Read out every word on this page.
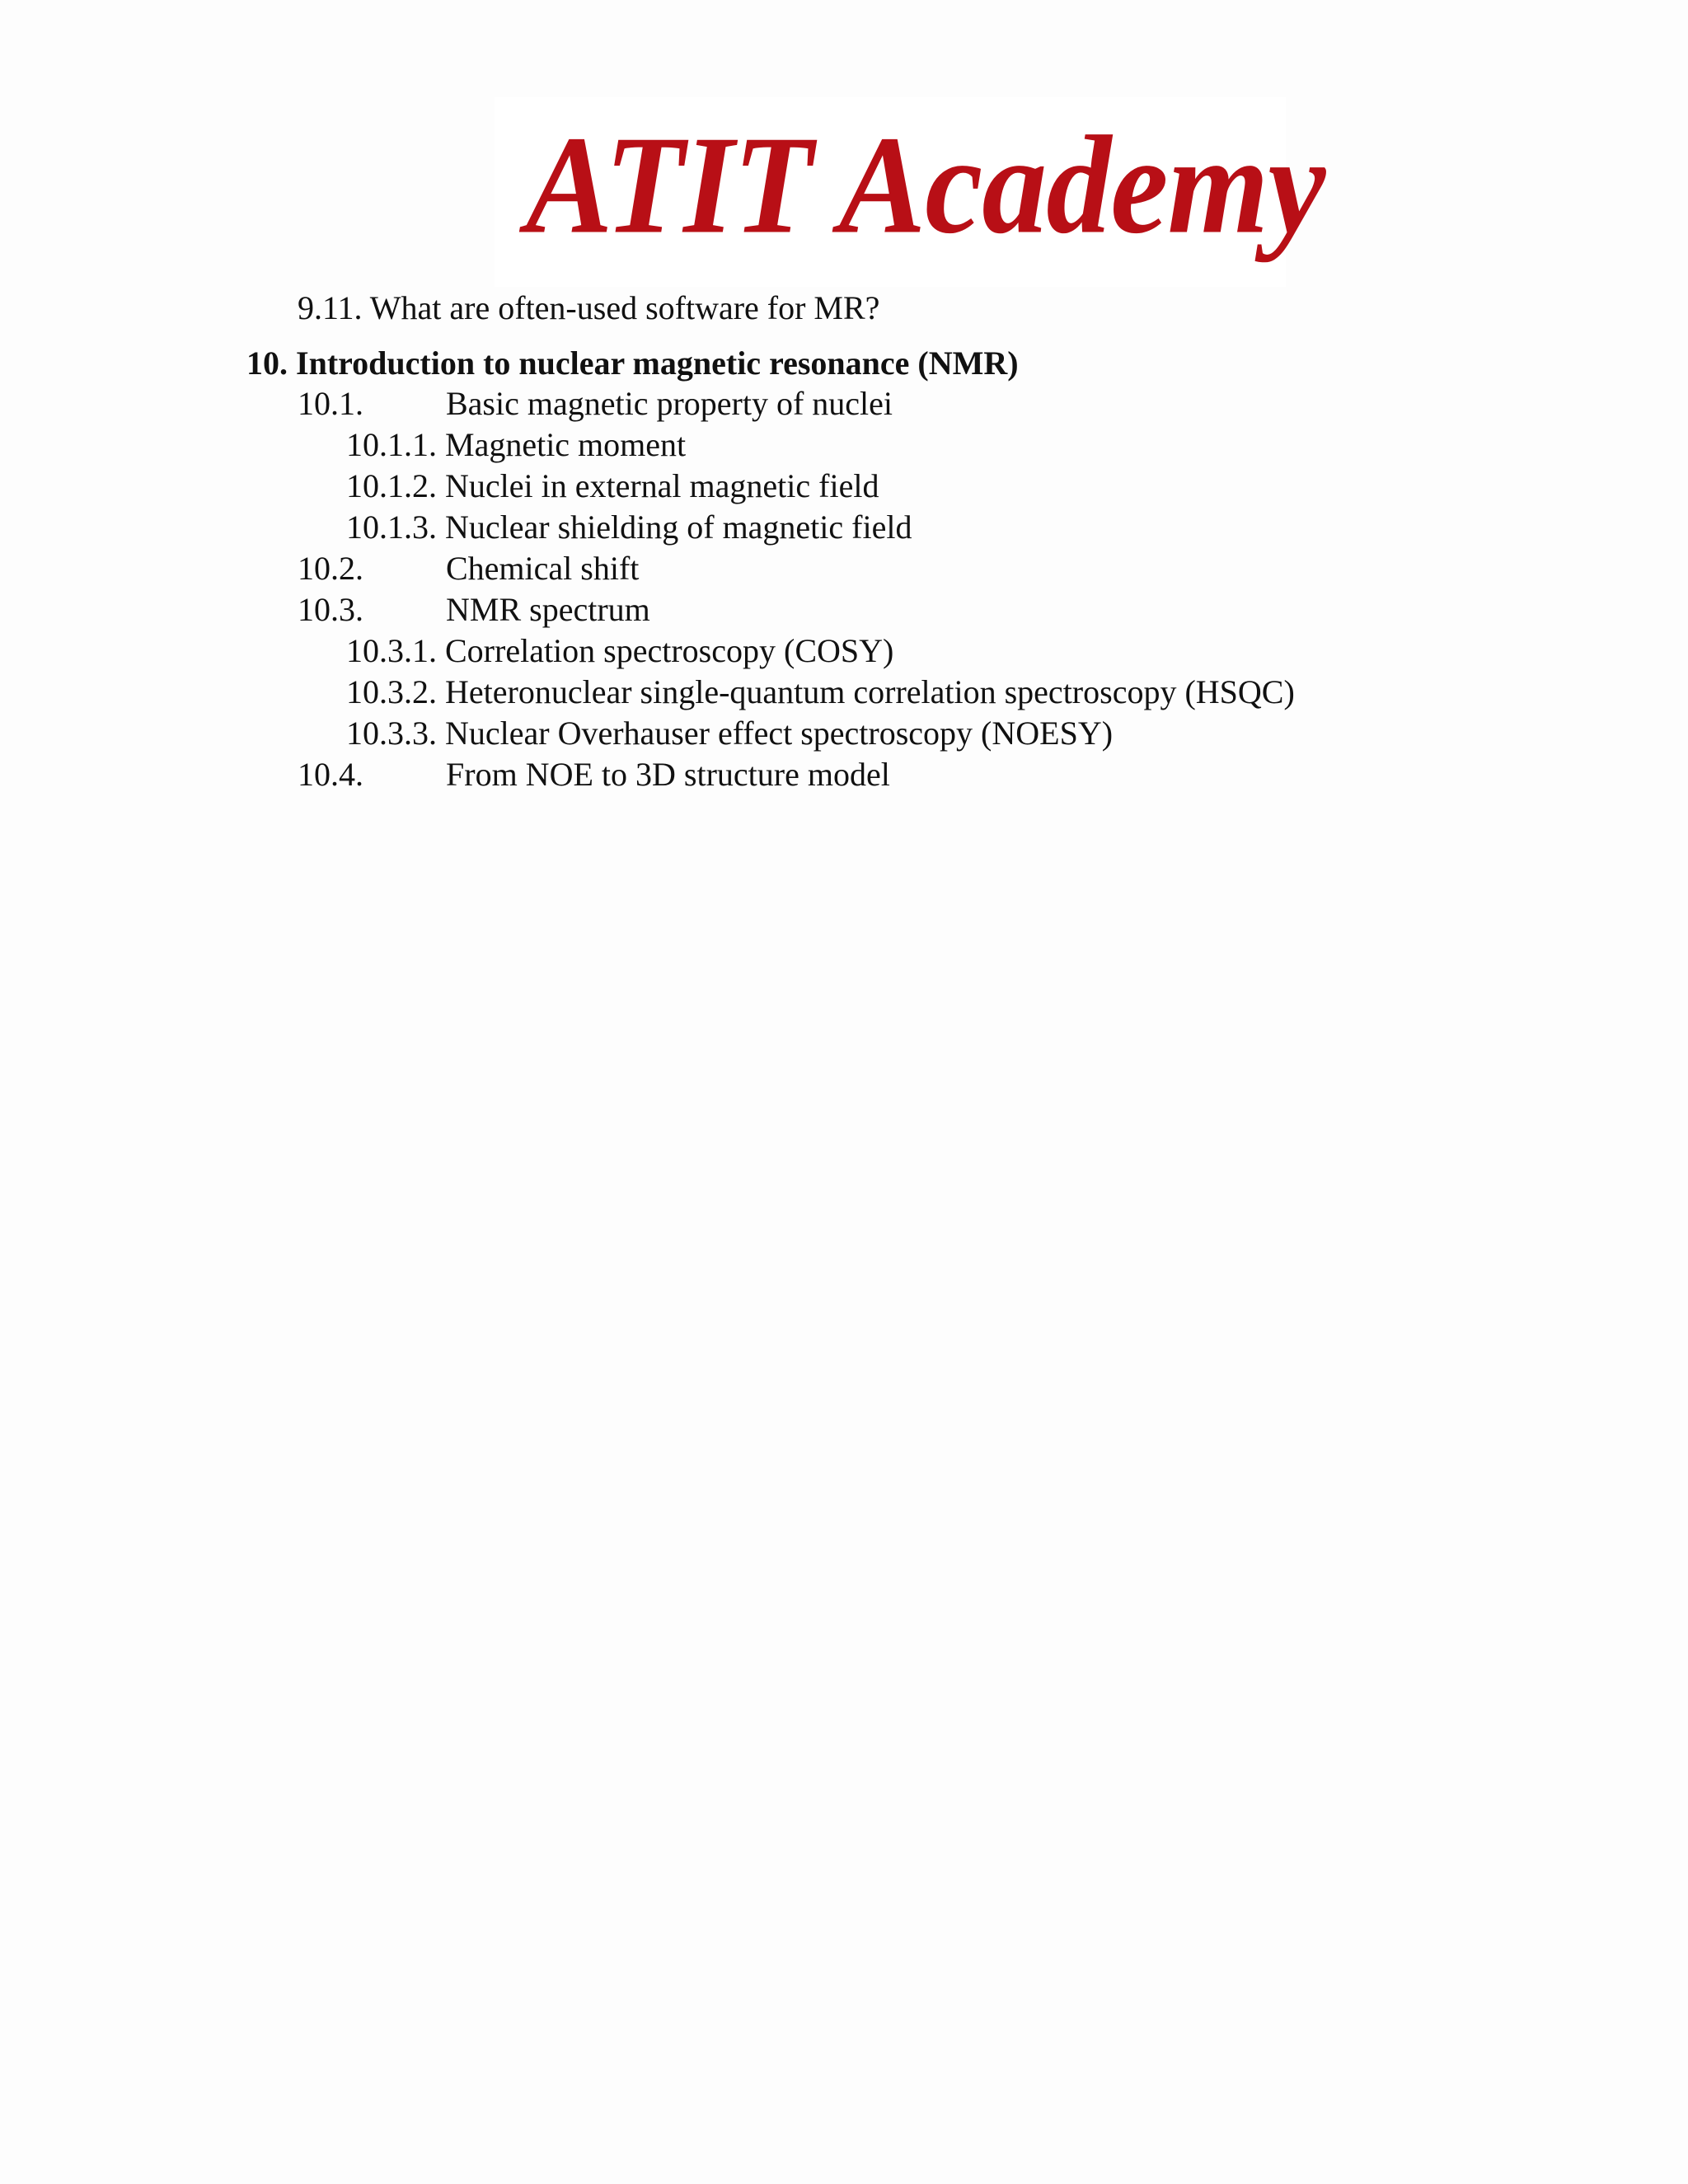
ATIT Academy
9.11. What are often-used software for MR?
10. Introduction to nuclear magnetic resonance (NMR)
10.1.	Basic magnetic property of nuclei
10.1.1. Magnetic moment
10.1.2. Nuclei in external magnetic field
10.1.3. Nuclear shielding of magnetic field
10.2.	Chemical shift
10.3.	NMR spectrum
10.3.1. Correlation spectroscopy (COSY)
10.3.2. Heteronuclear single-quantum correlation spectroscopy (HSQC)
10.3.3. Nuclear Overhauser effect spectroscopy (NOESY)
10.4.	From NOE to 3D structure model
